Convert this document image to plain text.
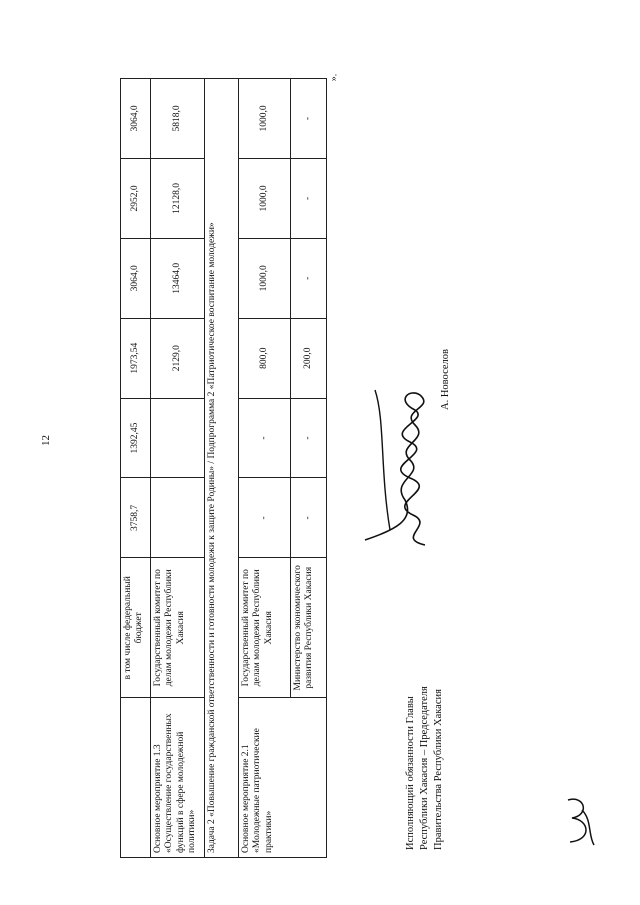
12
	в том числе федеральный бюджет	3758,7	1392,45	1973,54	3064,0	2952,0	3064,0
Основное мероприятие 1.3 «Осуществление государственных функций в сфере молодежной политики»	Государственный комитет по делам молодежи Республики Хакасия			2129,0	13464,0	12128,0	5818,0
Задача 2 «Повышение гражданской ответственности и готовности молодежи к защите Родины» / Подпрограмма 2 «Патриотическое воспитание молодежи»							
Основное мероприятие 2.1 «Молодежные патриотические практики»	Государственный комитет по делам молодежи Республики Хакасия	-	-	800,0	1000,0	1000,0	1000,0
	Министерство экономического развития Республики Хакасия	-	-	200,0	-	-	-
».
Исполняющий обязанности Главы Республики Хакасия – Председателя Правительства Республики Хакасия
А. Новоселов
